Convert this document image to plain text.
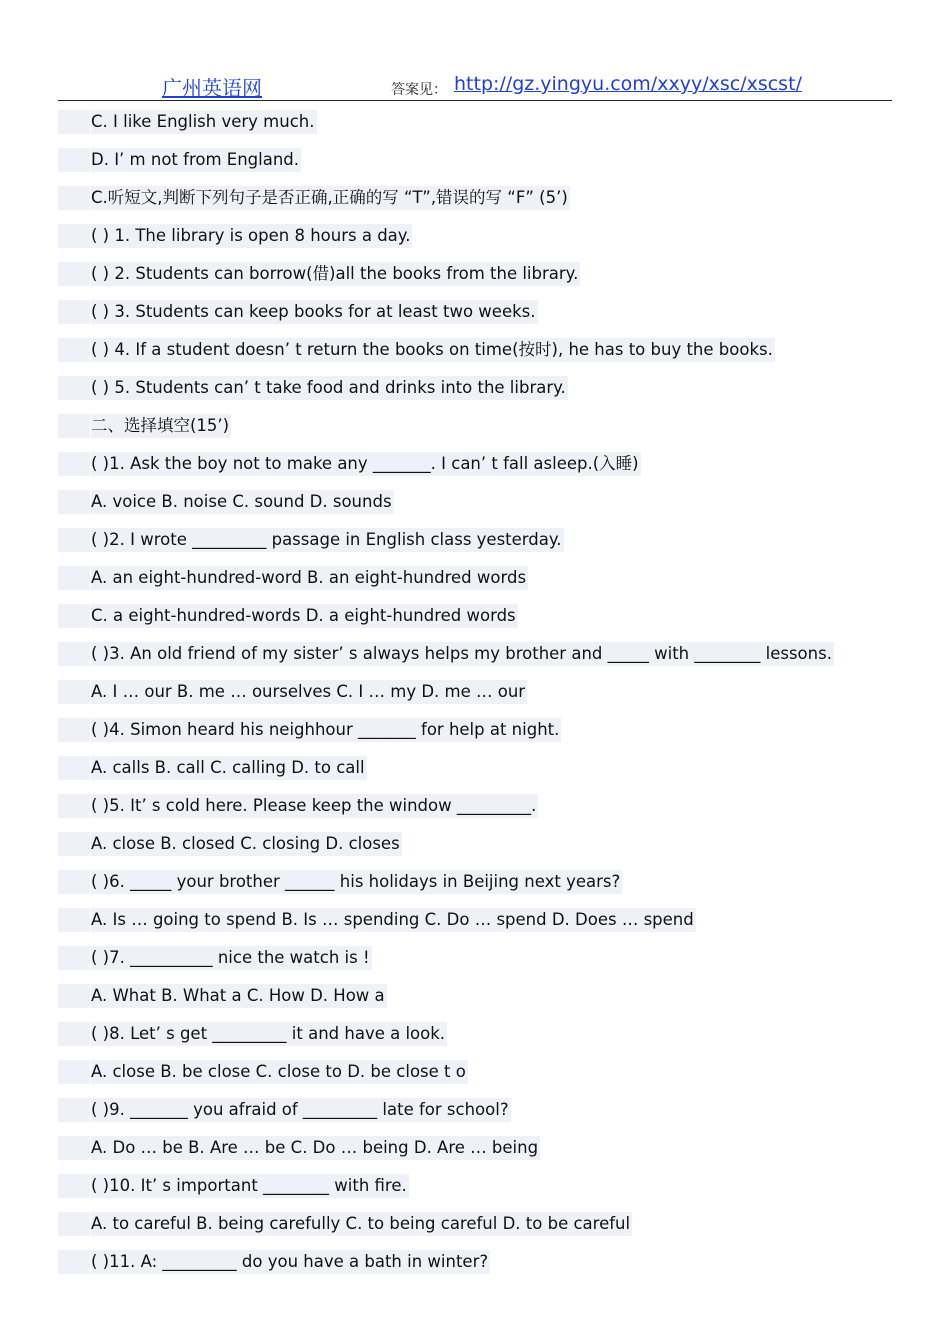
广州英语网	答案见： http://gz.yingyu.com/xxyy/xsc/xscst/
C. I like English very much.
D. I’ m not from England.
C.听短文,判断下列句子是否正确,正确的写 “T”,错误的写 “F” (5’)
( ) 1. The library is open 8 hours a day.
( ) 2. Students can borrow(借)all the books from the library.
( ) 3. Students can keep books for at least two weeks.
( ) 4. If a student doesn’ t return the books on time(按时), he has to buy the books.
( ) 5. Students can’ t take food and drinks into the library.
二、选择填空(15’)
( )1. Ask the boy not to make any _______. I can’ t fall asleep.(入睡)
A. voice B. noise C. sound D. sounds
( )2. I wrote _________ passage in English class yesterday.
A. an eight-hundred-word B. an eight-hundred words
C. a eight-hundred-words D. a eight-hundred words
( )3. An old friend of my sister’ s always helps my brother and _____ with ________ lessons.
A. I … our B. me … ourselves C. I … my D. me … our
( )4. Simon heard his neighhour _______ for help at night.
A. calls B. call C. calling D. to call
( )5. It’ s cold here. Please keep the window _________.
A. close B. closed C. closing D. closes
( )6. _____ your brother ______ his holidays in Beijing next years?
A. Is … going to spend B. Is … spending C. Do … spend D. Does … spend
( )7. __________ nice the watch is !
A. What B. What a C. How D. How a
( )8. Let’ s get _________ it and have a look.
A. close B. be close C. close to D. be close t o
( )9. _______ you afraid of _________ late for school?
A. Do … be B. Are … be C. Do … being D. Are … being
( )10. It’ s important ________ with fire.
A. to careful B. being carefully C. to being careful D. to be careful
( )11. A: _________ do you have a bath in winter?
